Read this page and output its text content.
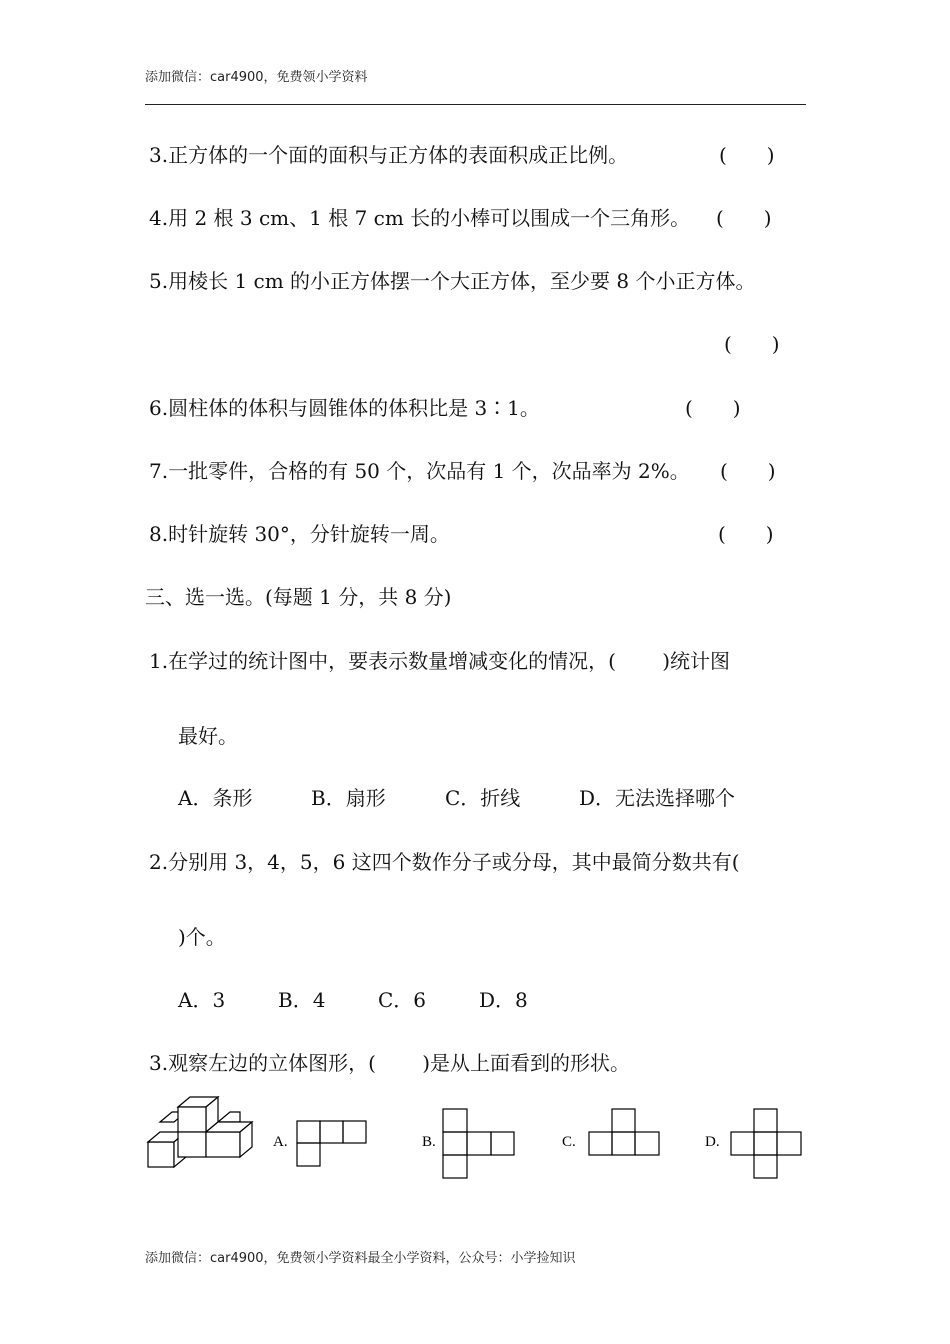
添加微信：car4900，免费领小学资料
3.正方体的一个面的面积与正方体的表面积成正比例。	(　　)
4.用 2 根 3 cm、1 根 7 cm 长的小棒可以围成一个三角形。 (　　)
5.用棱长 1 cm 的小正方体摆一个大正方体，至少要 8 个小正方体。
(　　)
6.圆柱体的体积与圆锥体的体积比是 3∶1。	(　　)
7.一批零件，合格的有 50 个，次品有 1 个，次品率为 2%。 (　　)
8.时针旋转 30°，分针旋转一周。	(　　)
三、选一选。(每题 1 分，共 8 分)
1.在学过的统计图中，要表示数量增减变化的情况，(　　 )统计图
最好。
A．条形	B．扇形	C．折线	D．无法选择哪个
2.分别用 3，4，5，6 这四个数作分子或分母，其中最简分数共有(
)个。
A．3	B．4	C．6	D．8
3.观察左边的立体图形，(　　 )是从上面看到的形状。
A.	B.	C.	D.
添加微信：car4900，免费领小学资料最全小学资料，公众号：小学捡知识
